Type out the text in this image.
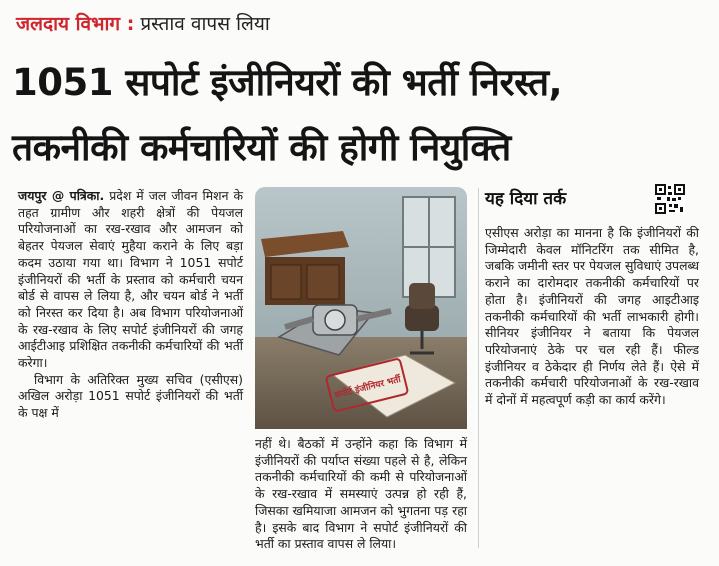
जलदाय विभाग : प्रस्ताव वापस लिया
1051 सपोर्ट इंजीनियरों की भर्ती निरस्त,
तकनीकी कर्मचारियों की होगी नियुक्ति

जयपुर @ पत्रिका. प्रदेश में जल जीवन मिशन के तहत ग्रामीण और शहरी क्षेत्रों की पेयजल परियोजनाओं का रख-रखाव और आमजन को बेहतर पेयजल सेवाएं मुहैया कराने के लिए बड़ा कदम उठाया गया था। विभाग ने 1051 सपोर्ट इंजीनियरों की भर्ती के प्रस्ताव को कर्मचारी चयन बोर्ड से वापस ले लिया है, और चयन बोर्ड ने भर्ती को निरस्त कर दिया है। अब विभाग परियोजनाओं के रख-रखाव के लिए सपोर्ट इंजीनियरों की जगह आईटीआइ प्रशिक्षित तकनीकी कर्मचारियों की भर्ती करेगा।

विभाग के अतिरिक्त मुख्य सचिव (एसीएस) अखिल अरोड़ा 1051 सपोर्ट इंजीनियरों की भर्ती के पक्ष में

सपोर्ट इंजीनियर भर्ती

नहीं थे। बैठकों में उन्होंने कहा कि विभाग में इंजीनियरों की पर्याप्त संख्या पहले से है, लेकिन तकनीकी कर्मचारियों की कमी से परियोजनाओं के रख-रखाव में समस्याएं उत्पन्न हो रही हैं, जिसका खमियाजा आमजन को भुगतना पड़ रहा है। इसके बाद विभाग ने सपोर्ट इंजीनियरों की भर्ती का प्रस्ताव वापस ले लिया।

यह दिया तर्क

एसीएस अरोड़ा का मानना है कि इंजीनियरों की जिम्मेदारी केवल मॉनिटरिंग तक सीमित है, जबकि जमीनी स्तर पर पेयजल सुविधाएं उपलब्ध कराने का दारोमदार तकनीकी कर्मचारियों पर होता है। इंजीनियरों की जगह आइटीआइ तकनीकी कर्मचारियों की भर्ती लाभकारी होगी। सीनियर इंजीनियर ने बताया कि पेयजल परियोजनाएं ठेके पर चल रही हैं। फील्ड इंजीनियर व ठेकेदार ही निर्णय लेते हैं। ऐसे में तकनीकी कर्मचारी परियोजनाओं के रख-रखाव में दोनों में महत्वपूर्ण कड़ी का कार्य करेंगे।
